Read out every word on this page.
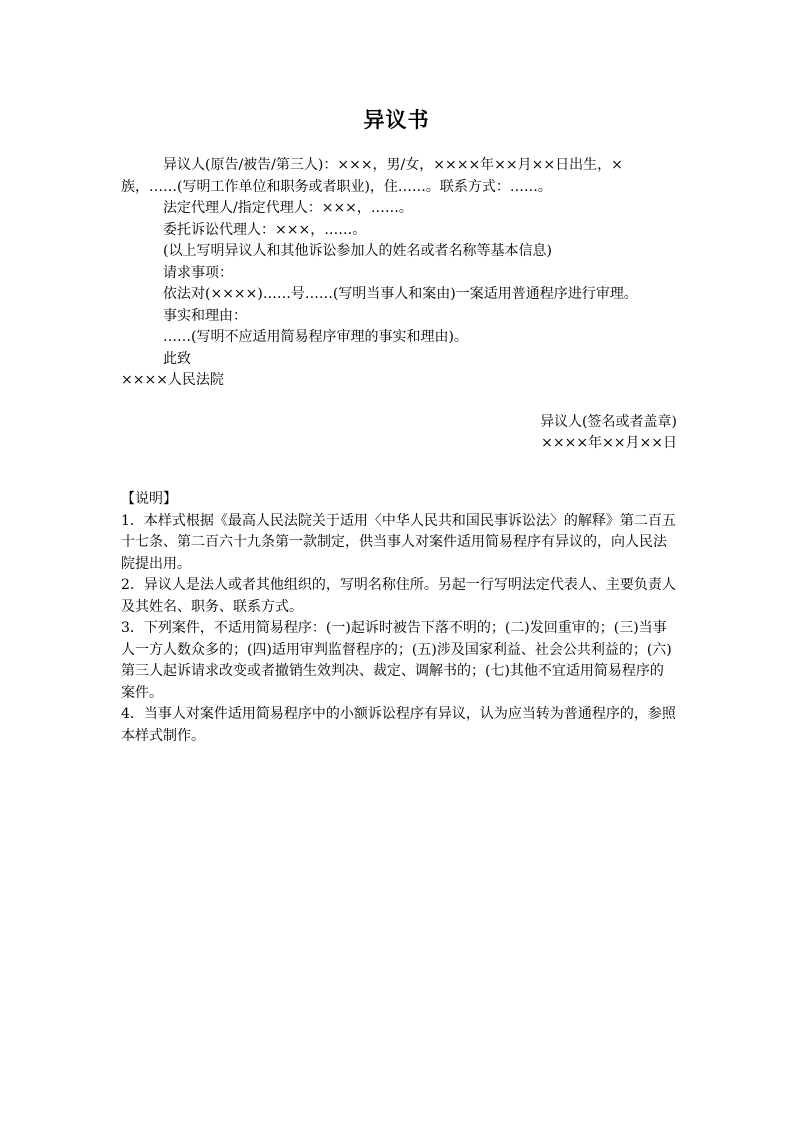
异议书

异议人(原告/被告/第三人)：×××，男/女，××××年××月××日出生，×族，……(写明工作单位和职务或者职业)，住……。联系方式：……。

法定代理人/指定代理人：×××，……。

委托诉讼代理人：×××，……。

(以上写明异议人和其他诉讼参加人的姓名或者名称等基本信息)

请求事项：

依法对(××××)……号……(写明当事人和案由)一案适用普通程序进行审理。

事实和理由：

……(写明不应适用简易程序审理的事实和理由)。

此致

××××人民法院

异议人(签名或者盖章)

××××年××月××日

【说明】

1．本样式根据《最高人民法院关于适用〈中华人民共和国民事诉讼法〉的解释》第二百五十七条、第二百六十九条第一款制定，供当事人对案件适用简易程序有异议的，向人民法院提出用。

2．异议人是法人或者其他组织的，写明名称住所。另起一行写明法定代表人、主要负责人及其姓名、职务、联系方式。

3．下列案件，不适用简易程序：(一)起诉时被告下落不明的；(二)发回重审的；(三)当事人一方人数众多的；(四)适用审判监督程序的；(五)涉及国家利益、社会公共利益的；(六)第三人起诉请求改变或者撤销生效判决、裁定、调解书的；(七)其他不宜适用简易程序的案件。

4．当事人对案件适用简易程序中的小额诉讼程序有异议，认为应当转为普通程序的，参照本样式制作。
